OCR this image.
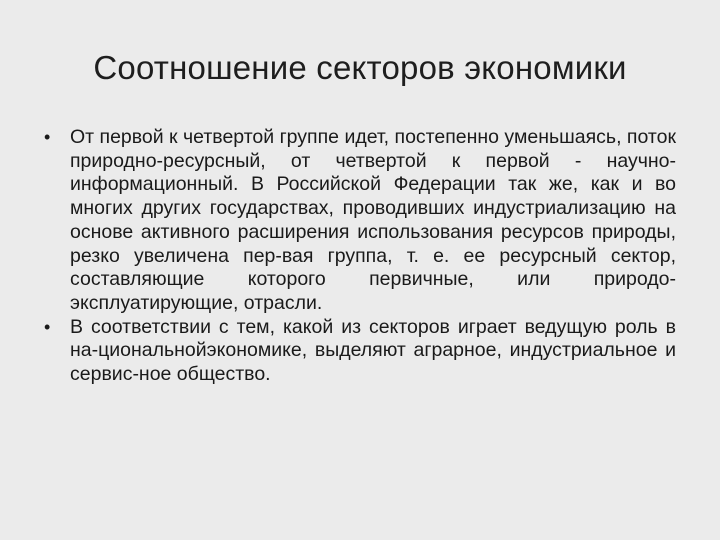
Соотношение секторов экономики
•	От первой к четвертой группе идет, постепенно уменьшаясь, поток природно-ресурсный, от четвертой к первой - научно-информационный. В Российской Федерации так же, как и во многих других государствах, проводивших индустриализацию на основе активного расширения использования ресурсов природы, резко увеличена пер-вая группа, т. е. ее ресурсный сектор, составляющие которого первичные, или природо-эксплуатирующие, отрасли.
•	В соответствии с тем, какой из секторов играет ведущую роль в на-циональнойэкономике, выделяют аграрное, индустриальное и сервис-ное общество.
